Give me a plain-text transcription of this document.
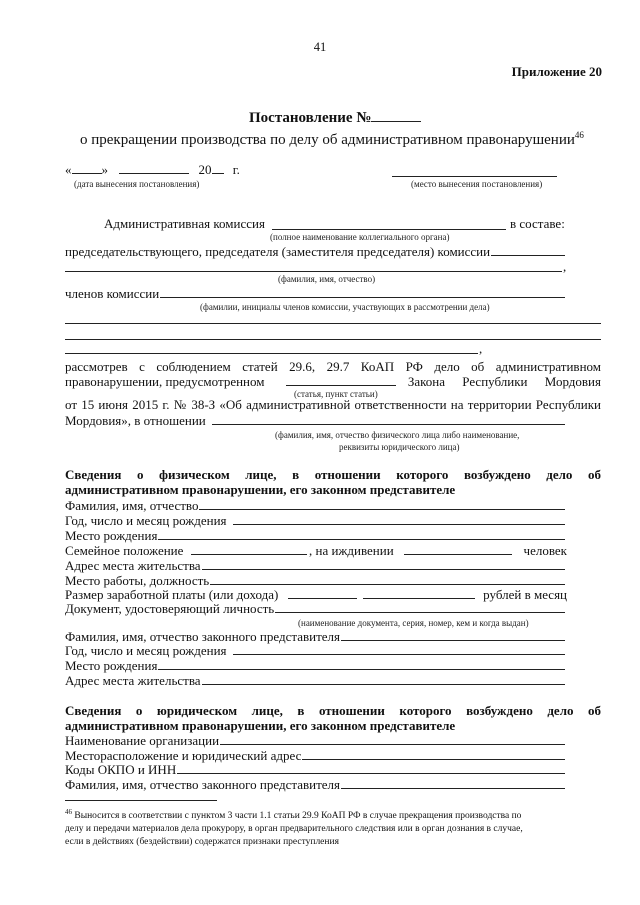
41
Приложение 20
Постановление №
о прекращении производства по делу об административном правонарушении$^{46}$
« »	20 г.
(дата вынесения постановления)	(место вынесения постановления)
Административная комиссия	в составе:
(полное наименование коллегиального органа)
председательствующего, председателя (заместителя председателя) комиссии
,
(фамилия, имя, отчество)
членов комиссии
(фамилии, инициалы членов комиссии, участвующих в рассмотрении дела)
,
рассмотрев с соблюдением статей 29.6, 29.7 КоАП РФ дело об административном
правонарушении, предусмотренном	Закона Республики Мордовия
(статья, пункт статьи)
от 15 июня 2015 г. № 38-З «Об административной ответственности на территории Республики
Мордовия», в отношении
(фамилия, имя, отчество физического лица либо наименование,
реквизиты юридического лица)
Сведения о физическом лице, в отношении которого возбуждено дело об
административном правонарушении, его законном представителе
Фамилия, имя, отчество
Год, число и месяц рождения
Место рождения
Семейное положение	, на иждивении	человек
Адрес места жительства
Место работы, должность
Размер заработной платы (или дохода)	рублей в месяц
Документ, удостоверяющий личность
(наименование документа, серия, номер, кем и когда выдан)
Фамилия, имя, отчество законного представителя
Год, число и месяц рождения
Место рождения
Адрес места жительства
Сведения о юридическом лице, в отношении которого возбуждено дело об
административном правонарушении, его законном представителе
Наименование организации
Месторасположение и юридический адрес
Коды ОКПО и ИНН
Фамилия, имя, отчество законного представителя
$^{46}$ Выносится в соответствии с пунктом 3 части 1.1 статьи 29.9 КоАП РФ в случае прекращения производства по
делу и передачи материалов дела прокурору, в орган предварительного следствия или в орган дознания в случае,
если в действиях (бездействии) содержатся признаки преступления
